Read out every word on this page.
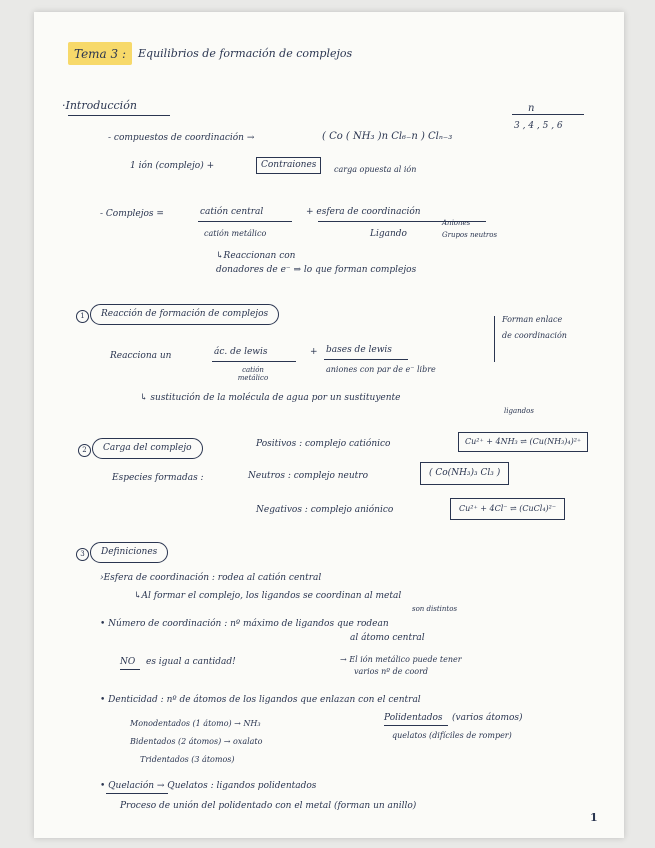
Tema 3 :	Equilibrios de formación de complejos
·Introducción	n
3 , 4 , 5 , 6
- compuestos de coordinación →	( Co ( NH₃ )n Cl₆₋n ) Clₙ₋₃
1 ión (complejo) +	Contraiones	carga opuesta al ión
- Complejos =	catión central	+ esfera de coordinación
catión metálico	Ligando
Aniones
Grupos neutros
↳Reaccionan con
donadores de e⁻ ⇒ lo que forman complejos
1	Reacción de formación de complejos
Reacciona un	ác. de lewis	+ bases de lewis
catión metálico
aniones con par de e⁻ libre
Forman enlace
de coordinación
↳ sustitución de la molécula de agua por un sustituyente
ligandos
2	Carga del complejo	Positivos : complejo catiónico	Cu²⁺ + 4NH₃ ⇌ (Cu(NH₃)₄)²⁺
Especies formadas :	Neutros : complejo neutro	( Co(NH₃)₃ Cl₃ )
Negativos : complejo aniónico	Cu²⁺ + 4Cl⁻ ⇌ (CuCl₄)²⁻
3	Definiciones
›Esfera de coordinación : rodea al catión central
↳Al formar el complejo, los ligandos se coordinan al metal
son distintos
• Número de coordinación : nº máximo de ligandos que rodean
al átomo central
NO es igual a cantidad!	→ El ión metálico puede tener
varios nº de coord
• Denticidad : nº de átomos de los ligandos que enlazan con el central
Monodentados (1 átomo) → NH₃
Bidentados (2 átomos) → oxalato
Tridentados (3 átomos)
Polidentados (varios átomos)
quelatos (difíciles de romper)
• Quelación → Quelatos : ligandos polidentados
Proceso de unión del polidentado con el metal (forman un anillo)
1
